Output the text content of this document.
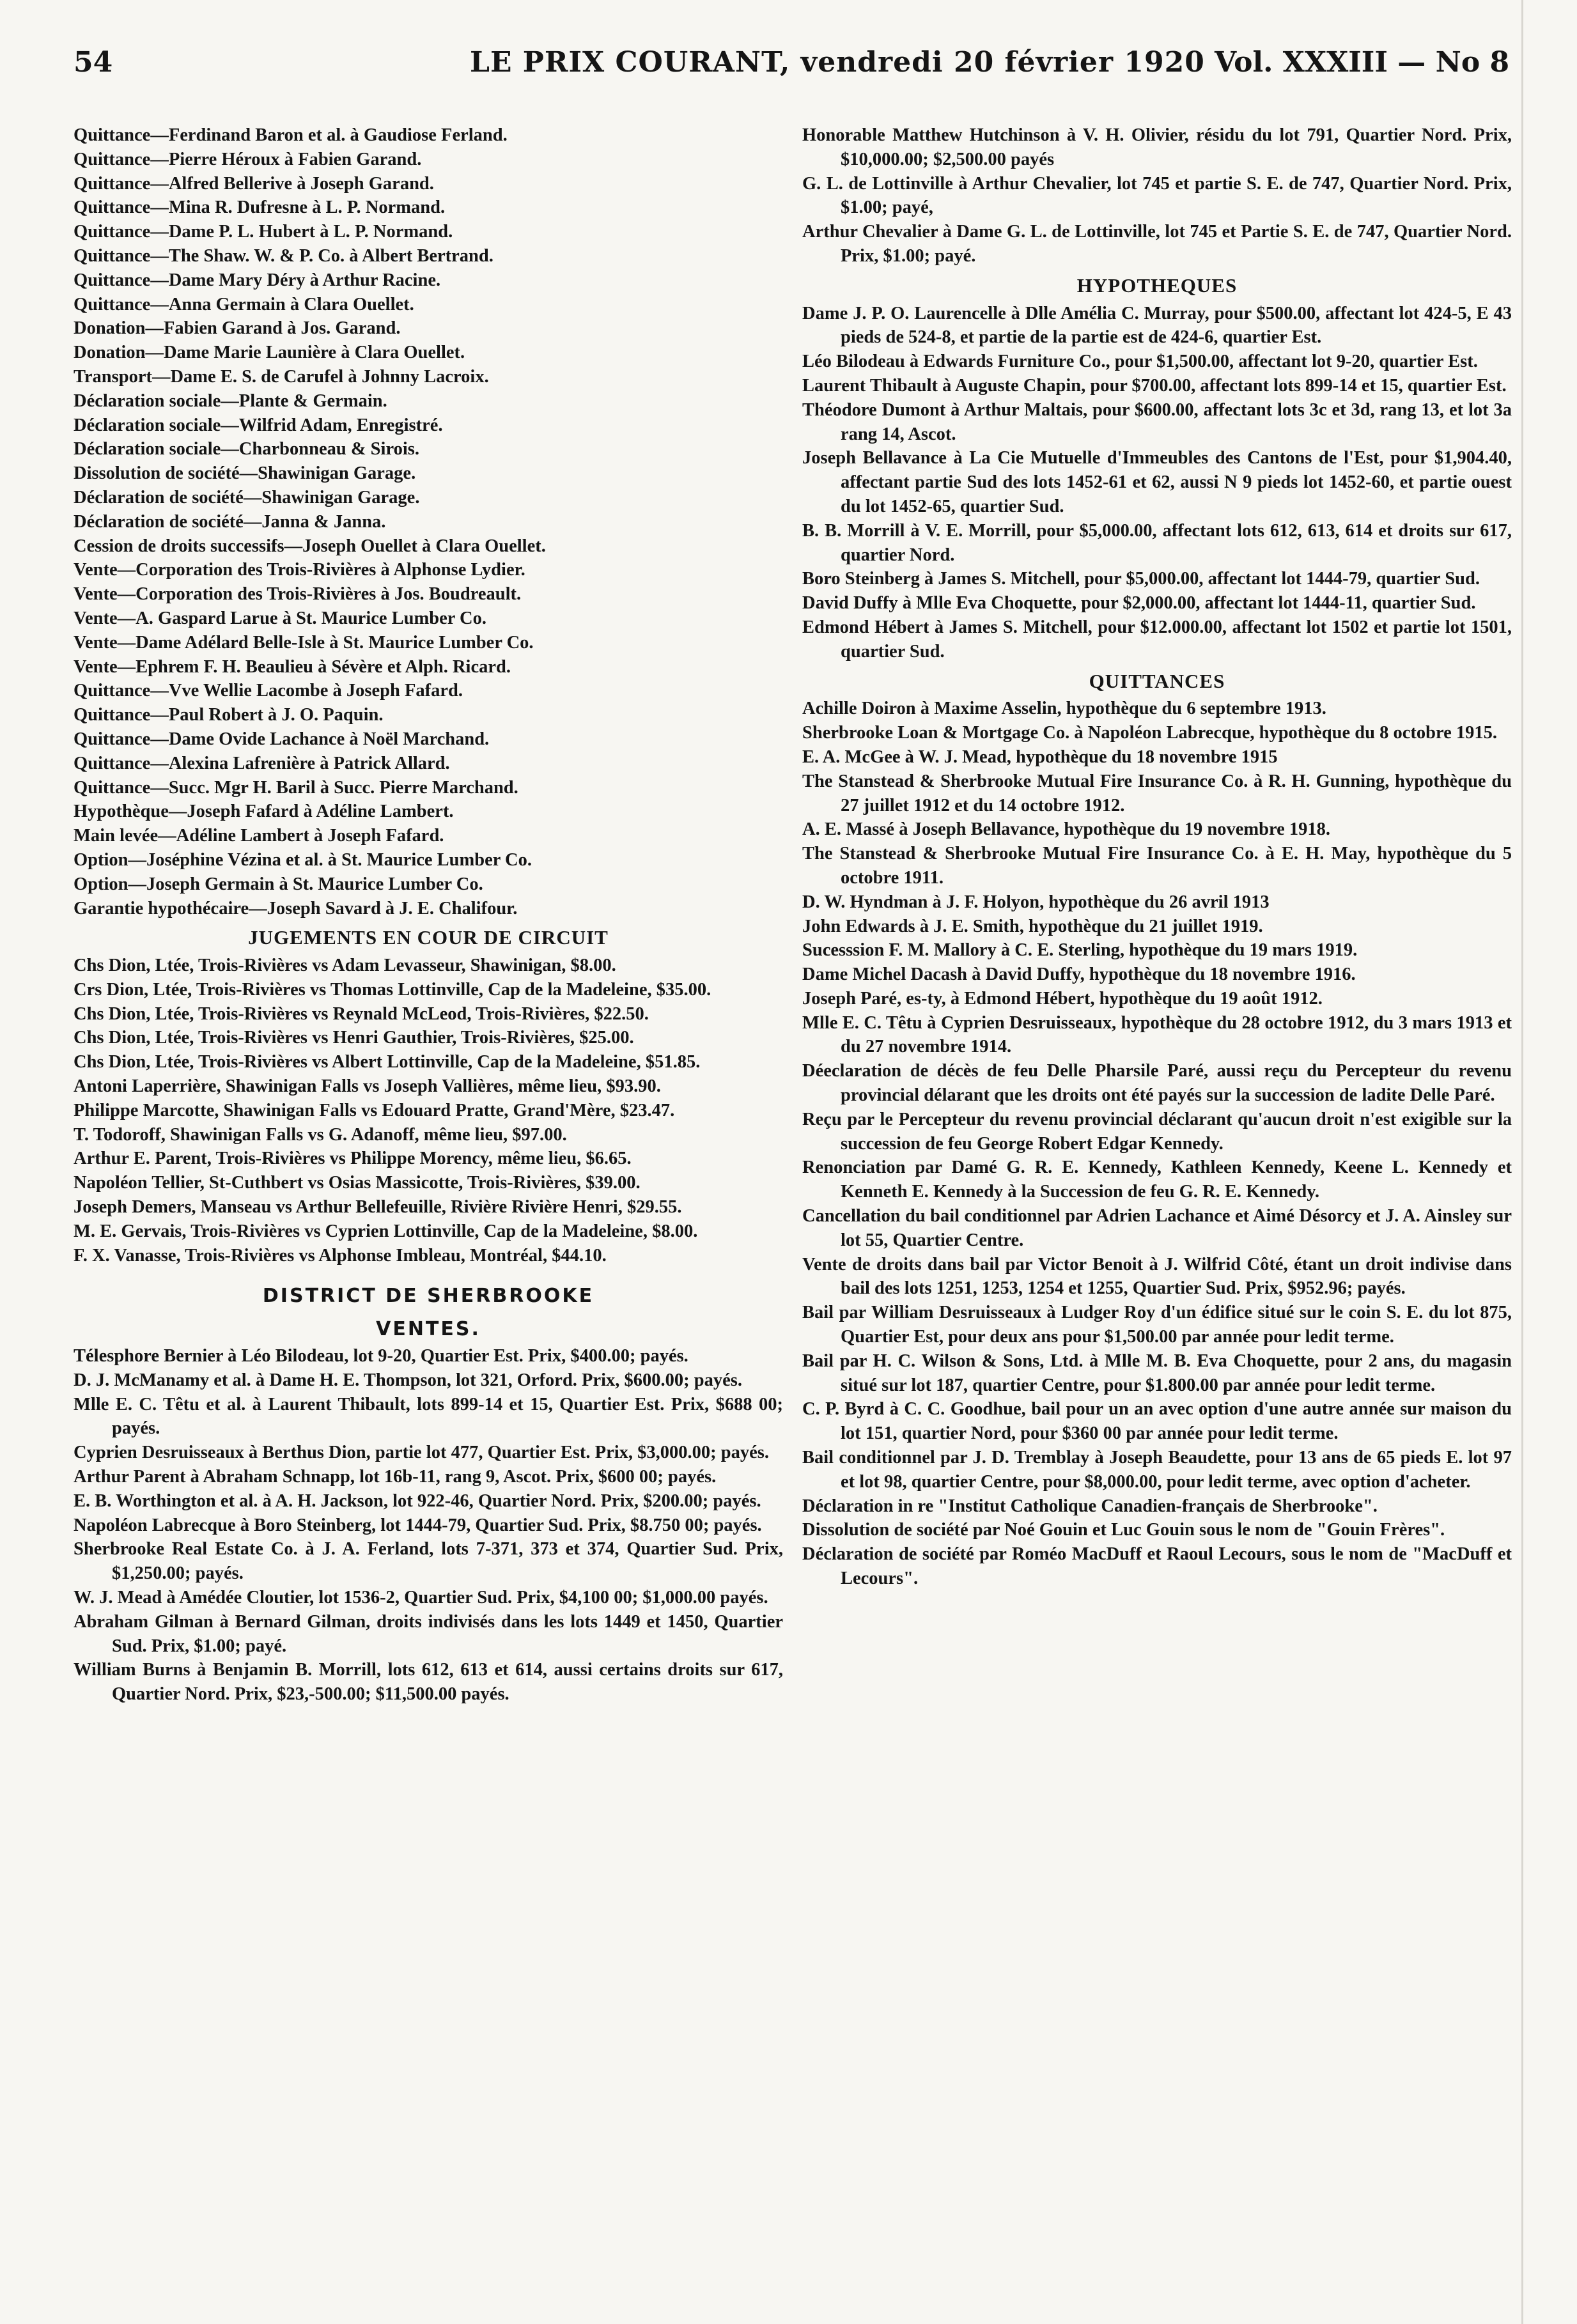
54	LE PRIX COURANT, vendredi 20 février 1920 Vol. XXXIII — No 8
Quittance—Ferdinand Baron et al. à Gaudiose Ferland.
Quittance—Pierre Héroux à Fabien Garand.
Quittance—Alfred Bellerive à Joseph Garand.
Quittance—Mina R. Dufresne à L. P. Normand.
Quittance—Dame P. L. Hubert à L. P. Normand.
Quittance—The Shaw. W. & P. Co. à Albert Bertrand.
Quittance—Dame Mary Déry à Arthur Racine.
Quittance—Anna Germain à Clara Ouellet.
Donation—Fabien Garand à Jos. Garand.
Donation—Dame Marie Launière à Clara Ouellet.
Transport—Dame E. S. de Carufel à Johnny Lacroix.
Déclaration sociale—Plante & Germain.
Déclaration sociale—Wilfrid Adam, Enregistré.
Déclaration sociale—Charbonneau & Sirois.
Dissolution de société—Shawinigan Garage.
Déclaration de société—Shawinigan Garage.
Déclaration de société—Janna & Janna.
Cession de droits successifs—Joseph Ouellet à Clara Ouellet.
Vente—Corporation des Trois-Rivières à Alphonse Lydier.
Vente—Corporation des Trois-Rivières à Jos. Boudreault.
Vente—A. Gaspard Larue à St. Maurice Lumber Co.
Vente—Dame Adélard Belle-Isle à St. Maurice Lumber Co.
Vente—Ephrem F. H. Beaulieu à Sévère et Alph. Ricard.
Quittance—Vve Wellie Lacombe à Joseph Fafard.
Quittance—Paul Robert à J. O. Paquin.
Quittance—Dame Ovide Lachance à Noël Marchand.
Quittance—Alexina Lafrenière à Patrick Allard.
Quittance—Succ. Mgr H. Baril à Succ. Pierre Marchand.
Hypothèque—Joseph Fafard à Adéline Lambert.
Main levée—Adéline Lambert à Joseph Fafard.
Option—Joséphine Vézina et al. à St. Maurice Lumber Co.
Option—Joseph Germain à St. Maurice Lumber Co.
Garantie hypothécaire—Joseph Savard à J. E. Chalifour.
JUGEMENTS EN COUR DE CIRCUIT
Chs Dion, Ltée, Trois-Rivières vs Adam Levasseur, Shawinigan, $8.00.
Crs Dion, Ltée, Trois-Rivières vs Thomas Lottinville, Cap de la Madeleine, $35.00.
Chs Dion, Ltée, Trois-Rivières vs Reynald McLeod, Trois-Rivières, $22.50.
Chs Dion, Ltée, Trois-Rivières vs Henri Gauthier, Trois-Rivières, $25.00.
Chs Dion, Ltée, Trois-Rivières vs Albert Lottinville, Cap de la Madeleine, $51.85.
Antoni Laperrière, Shawinigan Falls vs Joseph Vallières, même lieu, $93.90.
Philippe Marcotte, Shawinigan Falls vs Edouard Pratte, Grand'Mère, $23.47.
T. Todoroff, Shawinigan Falls vs G. Adanoff, même lieu, $97.00.
Arthur E. Parent, Trois-Rivières vs Philippe Morency, même lieu, $6.65.
Napoléon Tellier, St-Cuthbert vs Osias Massicotte, Trois-Rivières, $39.00.
Joseph Demers, Manseau vs Arthur Bellefeuille, Rivière Rivière Henri, $29.55.
M. E. Gervais, Trois-Rivières vs Cyprien Lottinville, Cap de la Madeleine, $8.00.
F. X. Vanasse, Trois-Rivières vs Alphonse Imbleau, Montréal, $44.10.
DISTRICT DE SHERBROOKE
VENTES.
Télesphore Bernier à Léo Bilodeau, lot 9-20, Quartier Est. Prix, $400.00; payés.
D. J. McManamy et al. à Dame H. E. Thompson, lot 321, Orford. Prix, $600.00; payés.
Mlle E. C. Têtu et al. à Laurent Thibault, lots 899-14 et 15, Quartier Est. Prix, $688 00; payés.
Cyprien Desruisseaux à Berthus Dion, partie lot 477, Quartier Est. Prix, $3,000.00; payés.
Arthur Parent à Abraham Schnapp, lot 16b-11, rang 9, Ascot. Prix, $600 00; payés.
E. B. Worthington et al. à A. H. Jackson, lot 922-46, Quartier Nord. Prix, $200.00; payés.
Napoléon Labrecque à Boro Steinberg, lot 1444-79, Quartier Sud. Prix, $8.750 00; payés.
Sherbrooke Real Estate Co. à J. A. Ferland, lots 7-371, 373 et 374, Quartier Sud. Prix, $1,250.00; payés.
W. J. Mead à Amédée Cloutier, lot 1536-2, Quartier Sud. Prix, $4,100 00; $1,000.00 payés.
Abraham Gilman à Bernard Gilman, droits indivisés dans les lots 1449 et 1450, Quartier Sud. Prix, $1.00; payé.
William Burns à Benjamin B. Morrill, lots 612, 613 et 614, aussi certains droits sur 617, Quartier Nord. Prix, $23,-500.00; $11,500.00 payés.
Honorable Matthew Hutchinson à V. H. Olivier, résidu du lot 791, Quartier Nord. Prix, $10,000.00; $2,500.00 payés
G. L. de Lottinville à Arthur Chevalier, lot 745 et partie S. E. de 747, Quartier Nord. Prix, $1.00; payé,
Arthur Chevalier à Dame G. L. de Lottinville, lot 745 et Partie S. E. de 747, Quartier Nord. Prix, $1.00; payé.
HYPOTHEQUES
Dame J. P. O. Laurencelle à Dlle Amélia C. Murray, pour $500.00, affectant lot 424-5, E 43 pieds de 524-8, et partie de la partie est de 424-6, quartier Est.
Léo Bilodeau à Edwards Furniture Co., pour $1,500.00, affectant lot 9-20, quartier Est.
Laurent Thibault à Auguste Chapin, pour $700.00, affectant lots 899-14 et 15, quartier Est.
Théodore Dumont à Arthur Maltais, pour $600.00, affectant lots 3c et 3d, rang 13, et lot 3a rang 14, Ascot.
Joseph Bellavance à La Cie Mutuelle d'Immeubles des Cantons de l'Est, pour $1,904.40, affectant partie Sud des lots 1452-61 et 62, aussi N 9 pieds lot 1452-60, et partie ouest du lot 1452-65, quartier Sud.
B. B. Morrill à V. E. Morrill, pour $5,000.00, affectant lots 612, 613, 614 et droits sur 617, quartier Nord.
Boro Steinberg à James S. Mitchell, pour $5,000.00, affectant lot 1444-79, quartier Sud.
David Duffy à Mlle Eva Choquette, pour $2,000.00, affectant lot 1444-11, quartier Sud.
Edmond Hébert à James S. Mitchell, pour $12.000.00, affectant lot 1502 et partie lot 1501, quartier Sud.
QUITTANCES
Achille Doiron à Maxime Asselin, hypothèque du 6 septembre 1913.
Sherbrooke Loan & Mortgage Co. à Napoléon Labrecque, hypothèque du 8 octobre 1915.
E. A. McGee à W. J. Mead, hypothèque du 18 novembre 1915
The Stanstead & Sherbrooke Mutual Fire Insurance Co. à R. H. Gunning, hypothèque du 27 juillet 1912 et du 14 octobre 1912.
A. E. Massé à Joseph Bellavance, hypothèque du 19 novembre 1918.
The Stanstead & Sherbrooke Mutual Fire Insurance Co. à E. H. May, hypothèque du 5 octobre 1911.
D. W. Hyndman à J. F. Holyon, hypothèque du 26 avril 1913
John Edwards à J. E. Smith, hypothèque du 21 juillet 1919.
Sucesssion F. M. Mallory à C. E. Sterling, hypothèque du 19 mars 1919.
Dame Michel Dacash à David Duffy, hypothèque du 18 novembre 1916.
Joseph Paré, es-ty, à Edmond Hébert, hypothèque du 19 août 1912.
Mlle E. C. Têtu à Cyprien Desruisseaux, hypothèque du 28 octobre 1912, du 3 mars 1913 et du 27 novembre 1914.
Déeclaration de décès de feu Delle Pharsile Paré, aussi reçu du Percepteur du revenu provincial délarant que les droits ont été payés sur la succession de ladite Delle Paré.
Reçu par le Percepteur du revenu provincial déclarant qu'aucun droit n'est exigible sur la succession de feu George Robert Edgar Kennedy.
Renonciation par Damé G. R. E. Kennedy, Kathleen Kennedy, Keene L. Kennedy et Kenneth E. Kennedy à la Succession de feu G. R. E. Kennedy.
Cancellation du bail conditionnel par Adrien Lachance et Aimé Désorcy et J. A. Ainsley sur lot 55, Quartier Centre.
Vente de droits dans bail par Victor Benoit à J. Wilfrid Côté, étant un droit indivise dans bail des lots 1251, 1253, 1254 et 1255, Quartier Sud. Prix, $952.96; payés.
Bail par William Desruisseaux à Ludger Roy d'un édifice situé sur le coin S. E. du lot 875, Quartier Est, pour deux ans pour $1,500.00 par année pour ledit terme.
Bail par H. C. Wilson & Sons, Ltd. à Mlle M. B. Eva Choquette, pour 2 ans, du magasin situé sur lot 187, quartier Centre, pour $1.800.00 par année pour ledit terme.
C. P. Byrd à C. C. Goodhue, bail pour un an avec option d'une autre année sur maison du lot 151, quartier Nord, pour $360 00 par année pour ledit terme.
Bail conditionnel par J. D. Tremblay à Joseph Beaudette, pour 13 ans de 65 pieds E. lot 97 et lot 98, quartier Centre, pour $8,000.00, pour ledit terme, avec option d'acheter.
Déclaration in re "Institut Catholique Canadien-français de Sherbrooke".
Dissolution de société par Noé Gouin et Luc Gouin sous le nom de "Gouin Frères".
Déclaration de société par Roméo MacDuff et Raoul Lecours, sous le nom de "MacDuff et Lecours".
